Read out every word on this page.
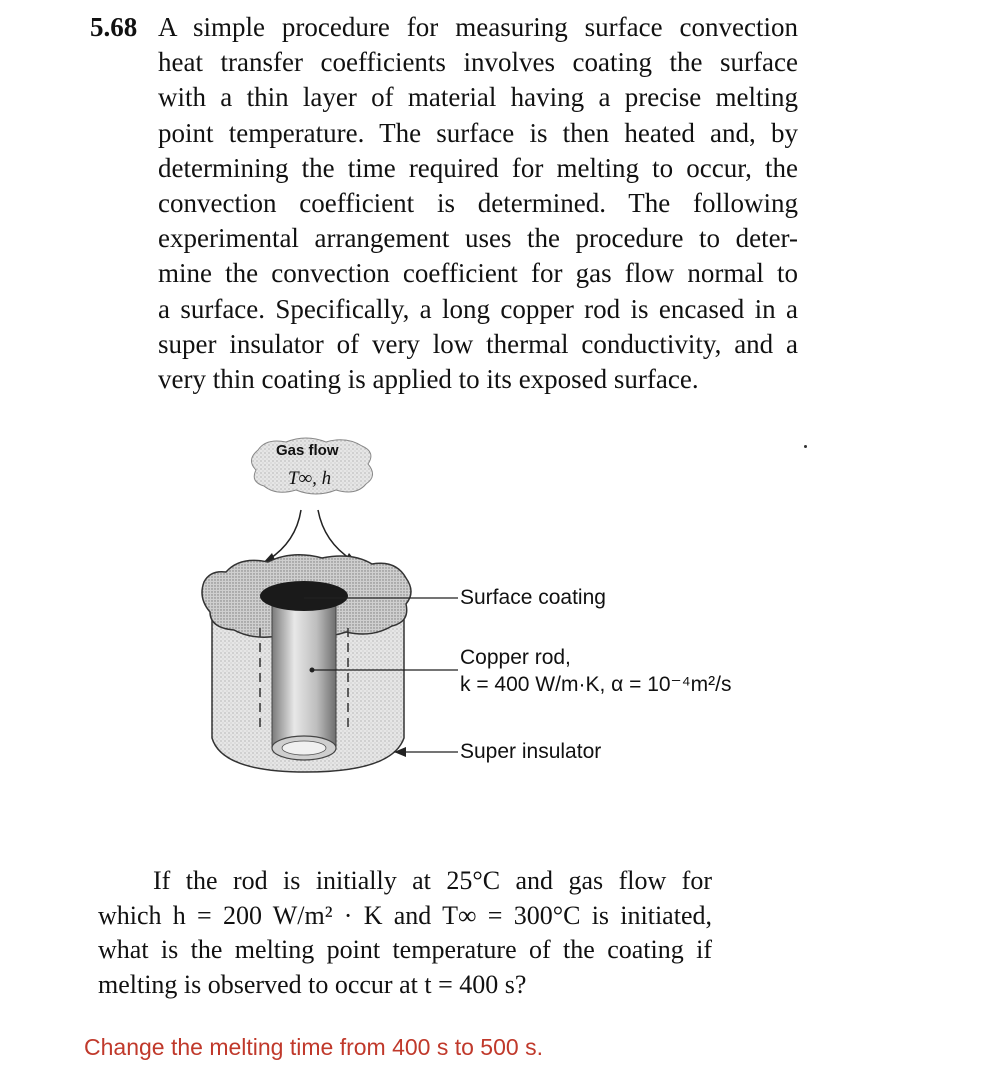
5.68 A simple procedure for measuring surface convection
heat transfer coefficients involves coating the surface
with a thin layer of material having a precise melting
point temperature. The surface is then heated and, by
determining the time required for melting to occur, the
convection coefficient is determined. The following
experimental arrangement uses the procedure to deter-
mine the convection coefficient for gas flow normal to
a surface. Specifically, a long copper rod is encased in a
super insulator of very low thermal conductivity, and a
very thin coating is applied to its exposed surface.
Gas flow
T∞, h
Surface coating
Copper rod,
k = 400 W/m·K, α = 10⁻⁴m²/s
Super insulator
If the rod is initially at 25°C and gas flow for
which h = 200 W/m² · K and T∞ = 300°C is initiated,
what is the melting point temperature of the coating if
melting is observed to occur at t = 400 s?
Change the melting time from 400 s to 500 s.
